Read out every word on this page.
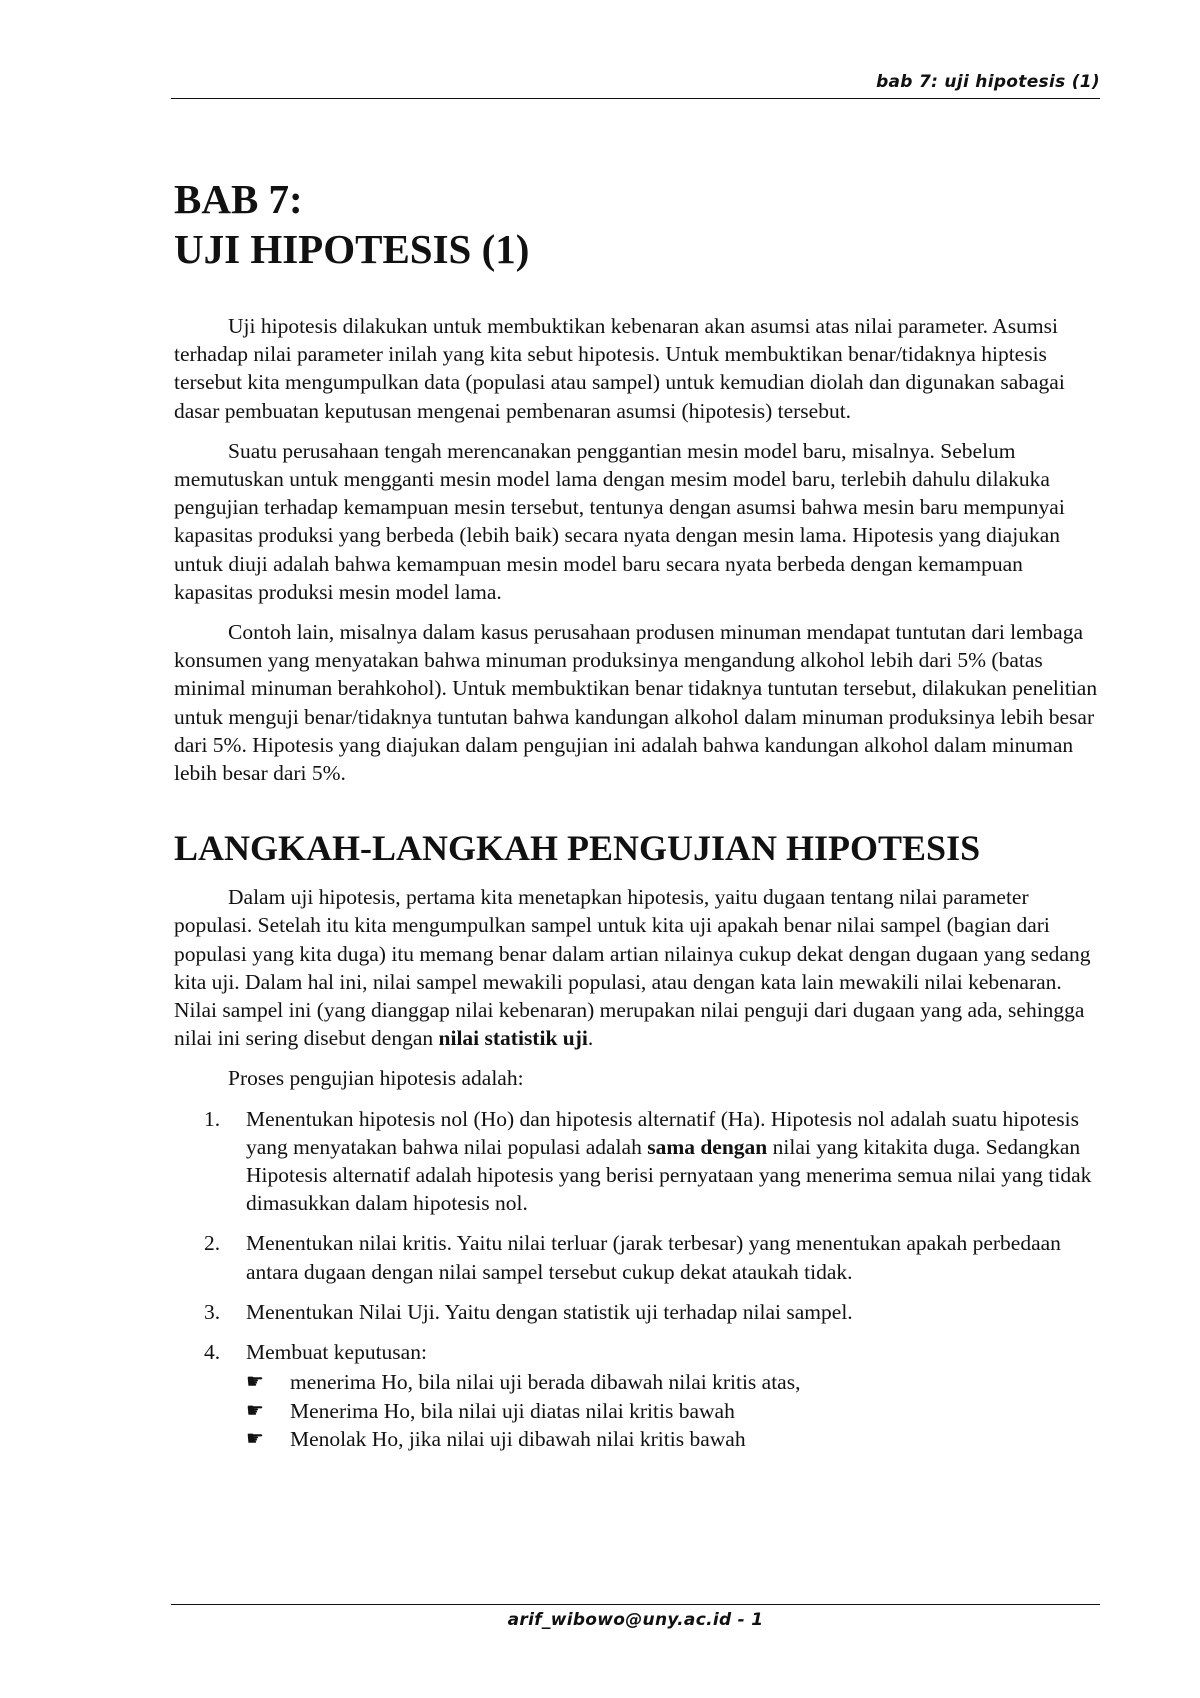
bab 7: uji hipotesis (1)
BAB 7:
UJI HIPOTESIS (1)

Uji hipotesis dilakukan untuk membuktikan kebenaran akan asumsi atas nilai parameter. Asumsi terhadap nilai parameter inilah yang kita sebut hipotesis. Untuk membuktikan benar/tidaknya hiptesis tersebut kita mengumpulkan data (populasi atau sampel) untuk kemudian diolah dan digunakan sabagai dasar pembuatan keputusan mengenai pembenaran asumsi (hipotesis) tersebut.

Suatu perusahaan tengah merencanakan penggantian mesin model baru, misalnya. Sebelum memutuskan untuk mengganti mesin model lama dengan mesim model baru, terlebih dahulu dilakuka pengujian terhadap kemampuan mesin tersebut, tentunya dengan asumsi bahwa mesin baru mempunyai kapasitas produksi yang berbeda (lebih baik) secara nyata dengan mesin lama. Hipotesis yang diajukan untuk diuji adalah bahwa kemampuan mesin model baru secara nyata berbeda dengan kemampuan kapasitas produksi mesin model lama.

Contoh lain, misalnya dalam kasus perusahaan produsen minuman mendapat tuntutan dari lembaga konsumen yang menyatakan bahwa minuman produksinya mengandung alkohol lebih dari 5% (batas minimal minuman berahkohol). Untuk membuktikan benar tidaknya tuntutan tersebut, dilakukan penelitian untuk menguji benar/tidaknya tuntutan bahwa kandungan alkohol dalam minuman produksinya lebih besar dari 5%. Hipotesis yang diajukan dalam pengujian ini adalah bahwa kandungan alkohol dalam minuman lebih besar dari 5%.

LANGKAH-LANGKAH PENGUJIAN HIPOTESIS

Dalam uji hipotesis, pertama kita menetapkan hipotesis, yaitu dugaan tentang nilai parameter populasi. Setelah itu kita mengumpulkan sampel untuk kita uji apakah benar nilai sampel (bagian dari populasi yang kita duga) itu memang benar dalam artian nilainya cukup dekat dengan dugaan yang sedang kita uji. Dalam hal ini, nilai sampel mewakili populasi, atau dengan kata lain mewakili nilai kebenaran. Nilai sampel ini (yang dianggap nilai kebenaran) merupakan nilai penguji dari dugaan yang ada, sehingga nilai ini sering disebut dengan nilai statistik uji.

Proses pengujian hipotesis adalah:

1. Menentukan hipotesis nol (Ho) dan hipotesis alternatif (Ha). Hipotesis nol adalah suatu hipotesis yang menyatakan bahwa nilai populasi adalah sama dengan nilai yang kitakita duga. Sedangkan Hipotesis alternatif adalah hipotesis yang berisi pernyataan yang menerima semua nilai yang tidak dimasukkan dalam hipotesis nol.
2. Menentukan nilai kritis. Yaitu nilai terluar (jarak terbesar) yang menentukan apakah perbedaan antara dugaan dengan nilai sampel tersebut cukup dekat ataukah tidak.
3. Menentukan Nilai Uji. Yaitu dengan statistik uji terhadap nilai sampel.
4. Membuat keputusan:
☛ menerima Ho, bila nilai uji berada dibawah nilai kritis atas,
☛ Menerima Ho, bila nilai uji diatas nilai kritis bawah
☛ Menolak Ho, jika nilai uji dibawah nilai kritis bawah
arif_wibowo@uny.ac.id - 1
